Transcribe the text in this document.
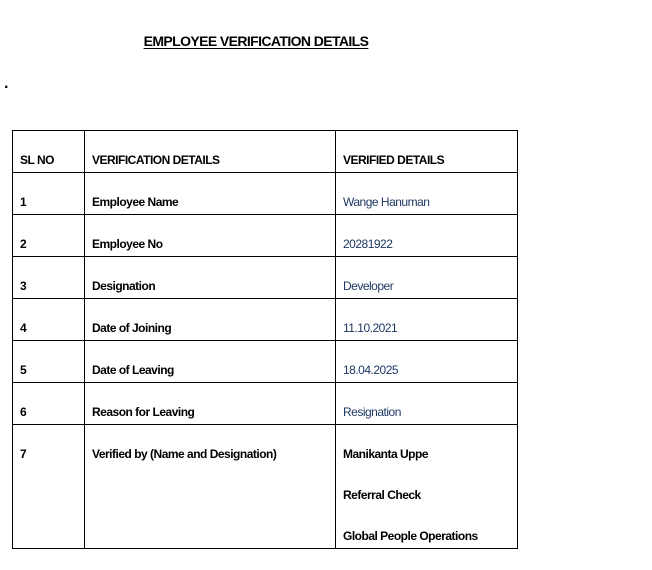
EMPLOYEE VERIFICATION DETAILS
.
SL NO	VERIFICATION DETAILS	VERIFIED DETAILS

1	Employee Name	Wange Hanuman

2	Employee No	20281922

3	Designation	Developer

4	Date of Joining	11.10.2021

5	Date of Leaving	18.04.2025

6	Reason for Leaving	Resignation

7	Verified by (Name and Designation)	Manikanta Uppe
Referral Check
Global People Operations
